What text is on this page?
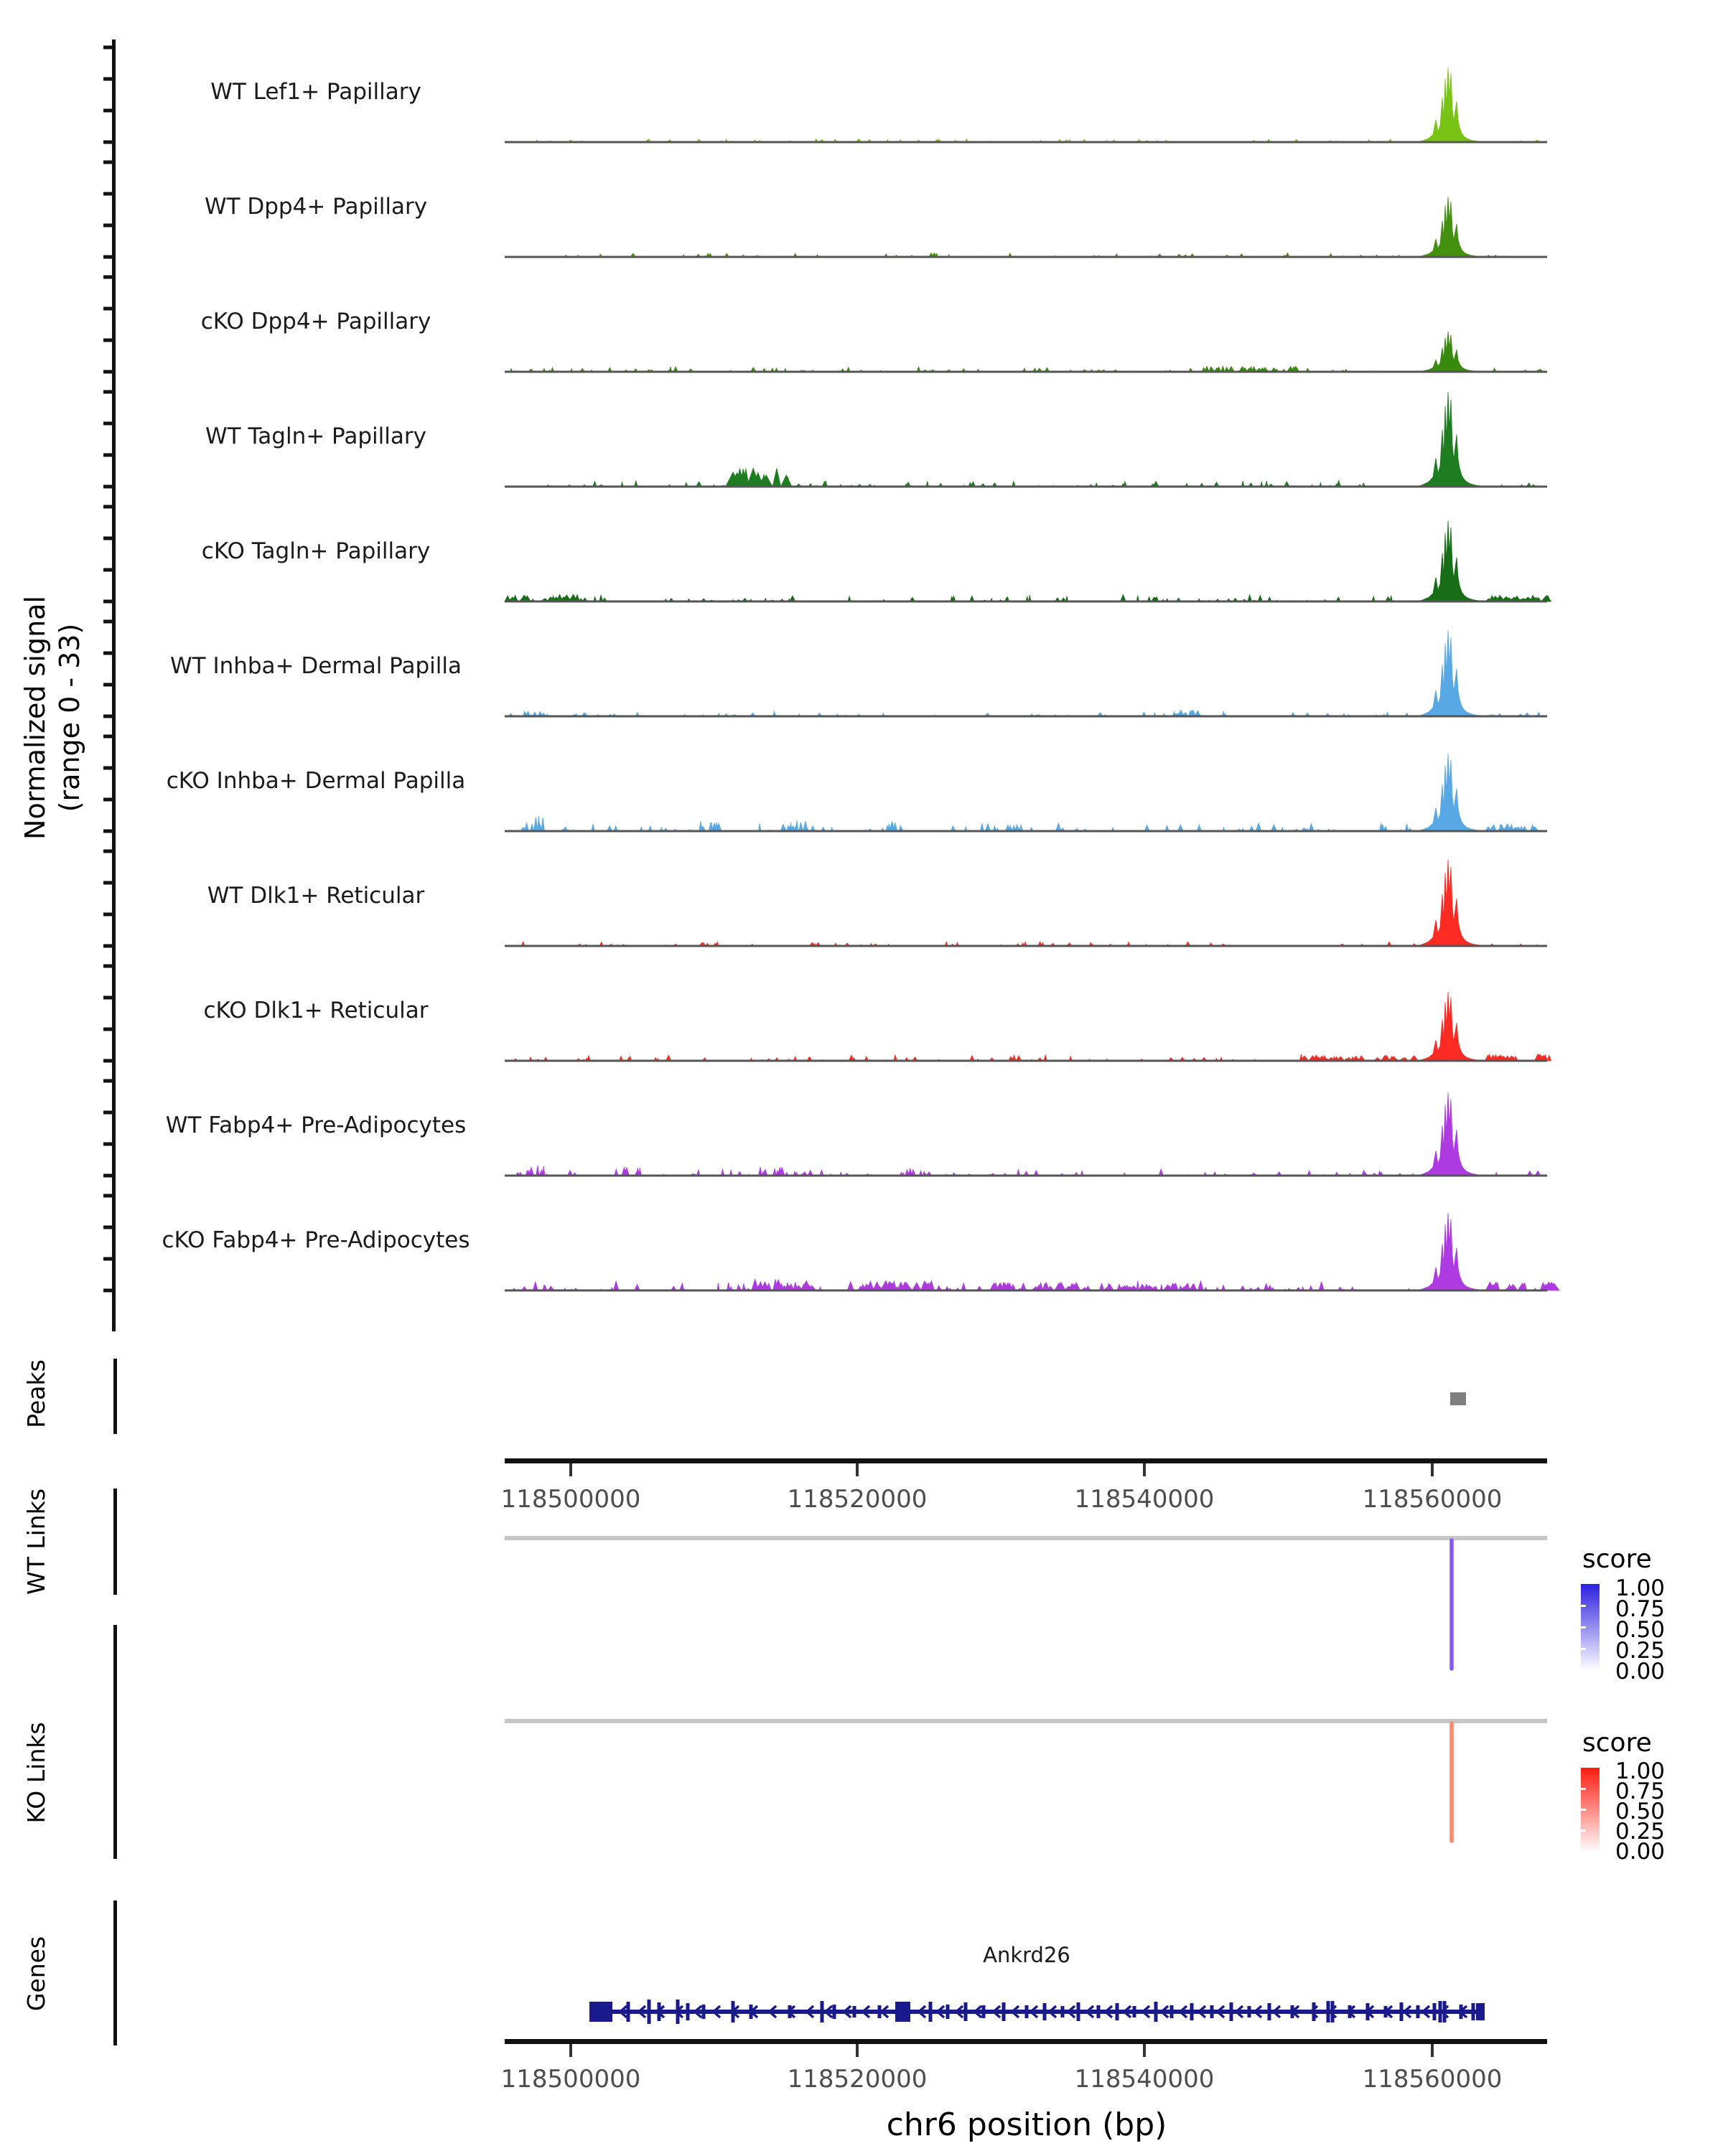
Normalized signal (range 0 - 33)
WT Lef1+ Papillary
WT Dpp4+ Papillary
cKO Dpp4+ Papillary
WT Tagln+ Papillary
cKO Tagln+ Papillary
WT Inhba+ Dermal Papilla
cKO Inhba+ Dermal Papilla
WT Dlk1+ Reticular
cKO Dlk1+ Reticular
WT Fabp4+ Pre-Adipocytes
cKO Fabp4+ Pre-Adipocytes
Peaks
118500000	118520000	118540000	118560000
WT Links	score
1.00
0.75
0.50
0.25
0.00
KO Links	score
1.00
0.75
0.50
0.25
0.00
Genes	Ankrd26
118500000	118520000	118540000	118560000
chr6 position (bp)
